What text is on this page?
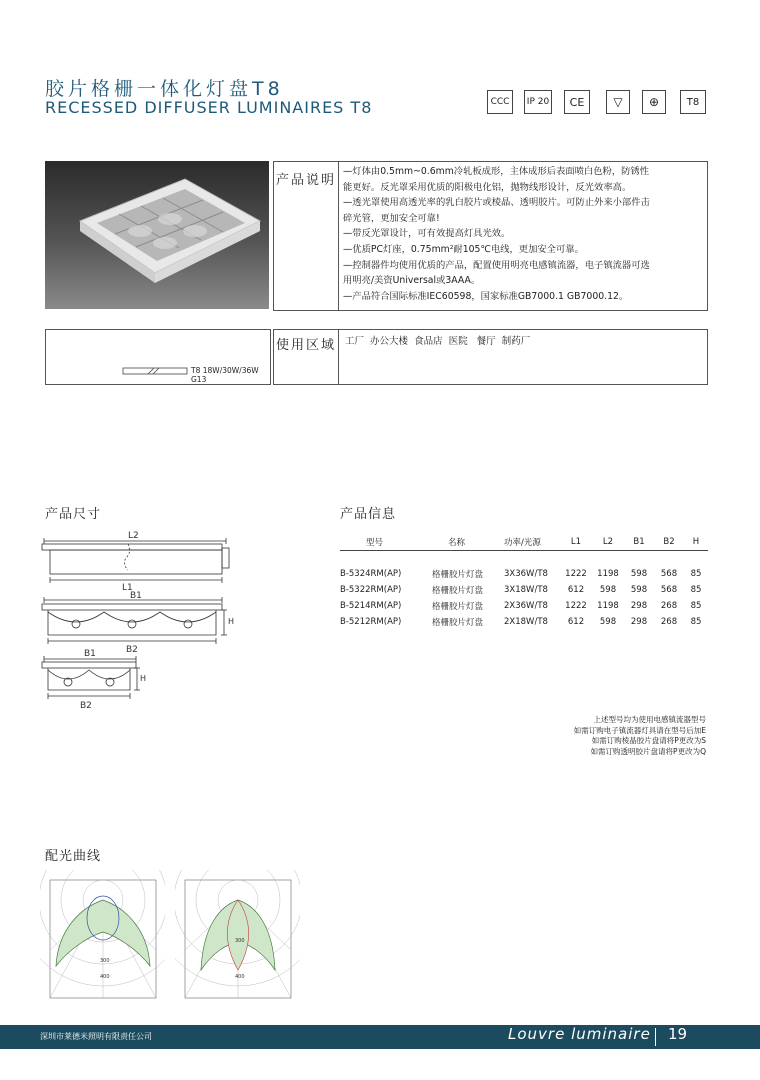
胶片格栅一体化灯盘T8
RECESSED DIFFUSER LUMINAIRES T8	CCC	IP 20	CE	▽	⊕	T8
产品说明
—灯体由0.5mm~0.6mm冷轧板成形，主体成形后表面喷白色粉，防锈性
能更好。反光罩采用优质的阳极电化铝，抛物线形设计，反光效率高。
—透光罩使用高透光率的乳白胶片或棱晶、透明胶片。可防止外来小部件击
碎光管，更加安全可靠!
—带反光罩设计，可有效提高灯具光效。
—优质PC灯座，0.75mm²耐105℃电线，更加安全可靠。
—控制器件均使用优质的产品，配置使用明亮电感镇流器，电子镇流器可选
用明亮/美资Universal或3AAA。
—产品符合国际标准IEC60598，国家标准GB7000.1 GB7000.12。
T8 18W/30W/36W
G13
使用区域 工厂  办公大楼  食品店  医院   餐厅  制药厂
产品尺寸	产品信息
L2
L1
B1
H
B2
B1
H
B2
型号	名称	功率/光源	L1	L2	B1	B2	H

B-5324RM(AP)	格栅胶片灯盘	3X36W/T8	1222	1198	598	568	85
B-5322RM(AP)	格栅胶片灯盘	3X18W/T8	612	598	598	568	85
B-5214RM(AP)	格栅胶片灯盘	2X36W/T8	1222	1198	298	268	85
B-5212RM(AP)	格栅胶片灯盘	2X18W/T8	612	598	298	268	85
上述型号均为使用电感镇流器型号
如需订购电子镇流器灯具请在型号后加E
如需订购棱晶胶片盘请将P更改为S
如需订购透明胶片盘请将P更改为Q
配光曲线
300
400
300
400
深圳市莱德米照明有限责任公司	Louvre luminaire 19
